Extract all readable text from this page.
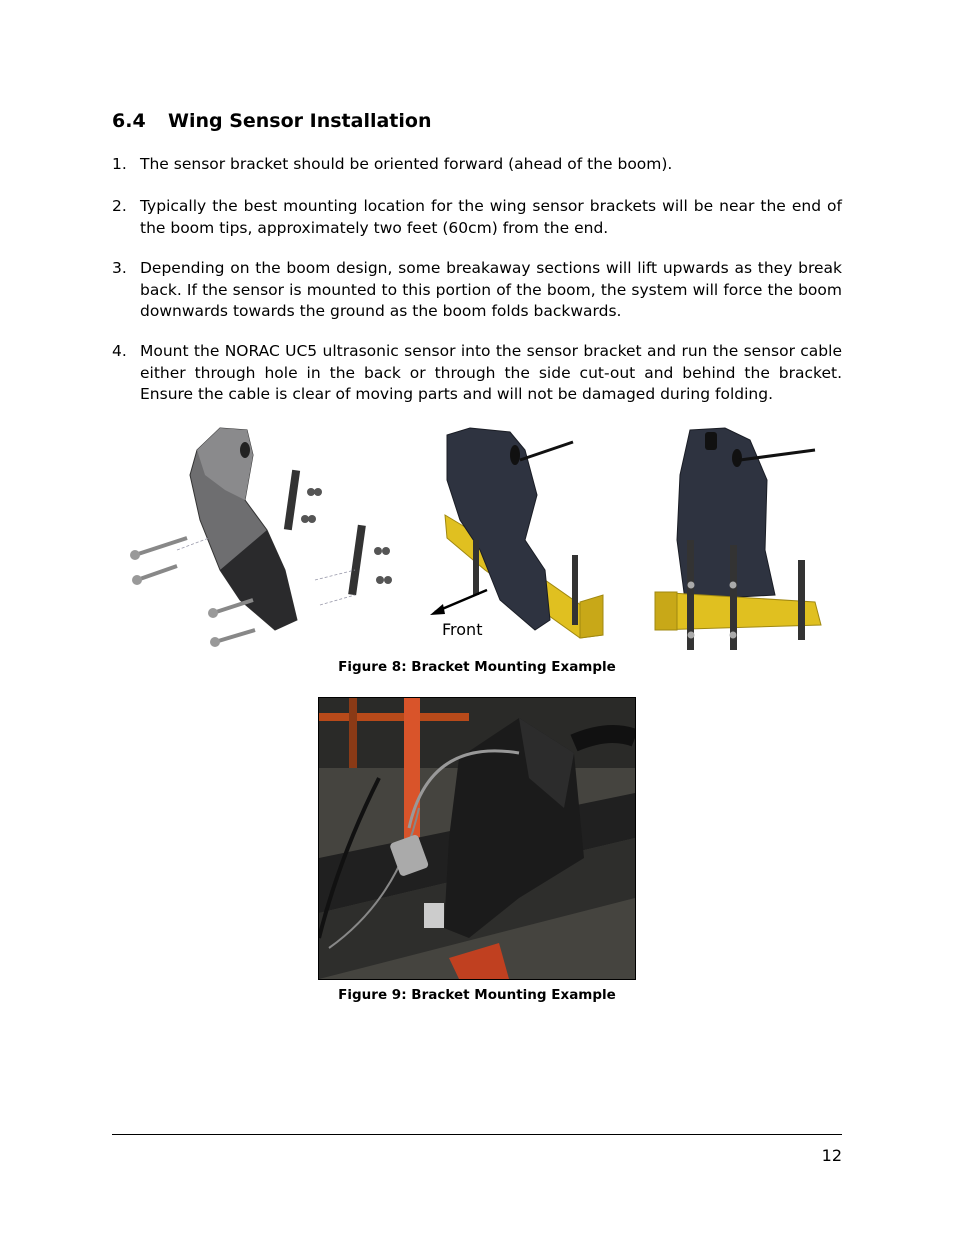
6.4 Wing Sensor Installation
1. The sensor bracket should be oriented forward (ahead of the boom).
2. Typically the best mounting location for the wing sensor brackets will be near the end of the boom tips, approximately two feet (60cm) from the end.
3. Depending on the boom design, some breakaway sections will lift upwards as they break back. If the sensor is mounted to this portion of the boom, the system will force the boom downwards towards the ground as the boom folds backwards.
4. Mount the NORAC UC5 ultrasonic sensor into the sensor bracket and run the sensor cable either through hole in the back or through the side cut-out and behind the bracket. Ensure the cable is clear of moving parts and will not be damaged during folding.
Front
Figure 8: Bracket Mounting Example
Figure 9: Bracket Mounting Example
12
